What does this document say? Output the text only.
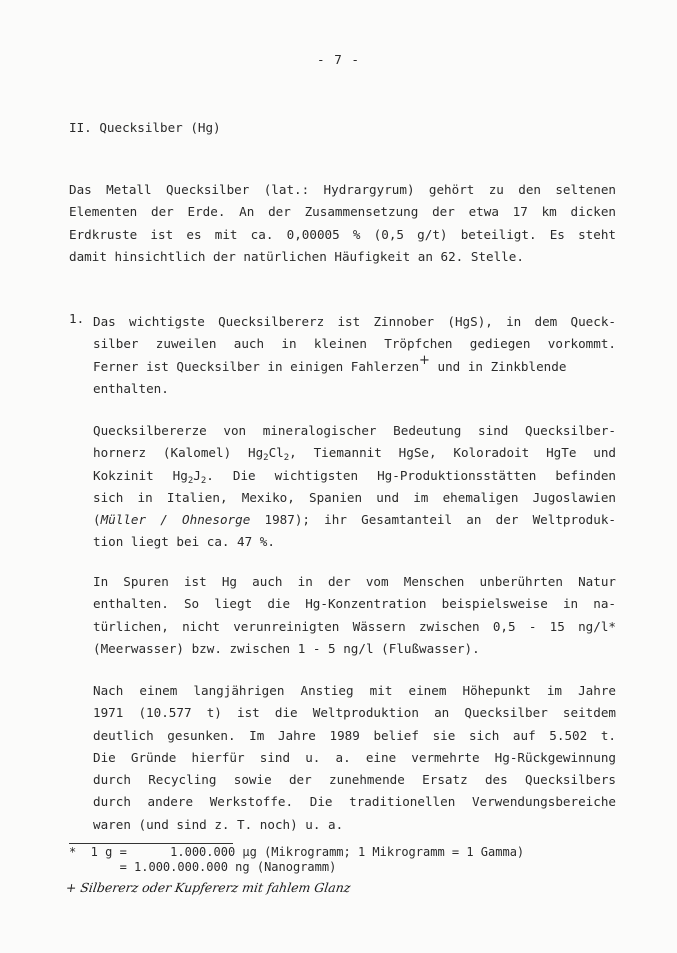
- 7 -
II. Quecksilber (Hg)
Das Metall Quecksilber (lat.: Hydrargyrum) gehört zu den seltenen
Elementen der Erde. An der Zusammensetzung der etwa 17 km dicken
Erdkruste ist es mit ca. 0,00005 % (0,5 g/t) beteiligt. Es steht
damit hinsichtlich der natürlichen Häufigkeit an 62. Stelle.
1. Das wichtigste Quecksilbererz ist Zinnober (HgS), in dem Queck-
silber zuweilen auch in kleinen Tröpfchen gediegen vorkommt.
Ferner ist Quecksilber in einigen Fahlerzen+ und in Zinkblende
enthalten.
Quecksilbererze von mineralogischer Bedeutung sind Quecksilber-
hornerz (Kalomel) $Hg_2Cl_2$, Tiemannit HgSe, Koloradoit HgTe und
Kokzinit $Hg_2J_2$. Die wichtigsten Hg-Produktionsstätten befinden
sich in Italien, Mexiko, Spanien und im ehemaligen Jugoslawien
(Müller / Ohnesorge 1987); ihr Gesamtanteil an der Weltproduk-
tion liegt bei ca. 47 %.
In Spuren ist Hg auch in der vom Menschen unberührten Natur
enthalten. So liegt die Hg-Konzentration beispielsweise in na-
türlichen, nicht verunreinigten Wässern zwischen 0,5 - 15 ng/l*
(Meerwasser) bzw. zwischen 1 - 5 ng/l (Flußwasser).
Nach einem langjährigen Anstieg mit einem Höhepunkt im Jahre
1971 (10.577 t) ist die Weltproduktion an Quecksilber seitdem
deutlich gesunken. Im Jahre 1989 belief sie sich auf 5.502 t.
Die Gründe hierfür sind u. a. eine vermehrte Hg-Rückgewinnung
durch Recycling sowie der zunehmende Ersatz des Quecksilbers
durch andere Werkstoffe. Die traditionellen Verwendungsbereiche
waren (und sind z. T. noch) u. a.
*  1 g =      1.000.000 µg (Mikrogramm; 1 Mikrogramm = 1 Gamma)
= 1.000.000.000 ng (Nanogramm)
+ Silbererz oder Kupfererz mit fahlem Glanz
